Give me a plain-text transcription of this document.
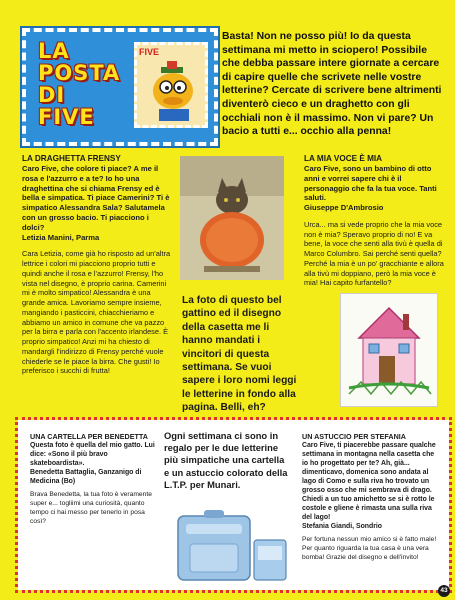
LA
POSTA
DI
FIVE
FIVE
Basta! Non ne posso più! Io da questa settimana mi metto in sciopero! Possibile che debba passare intere giornate a cercare di capire quelle che scrivete nelle vostre letterine? Cercate di scrivere bene altrimenti diventerò cieco e un draghetto con gli occhiali non è il massimo. Non vi pare? Un bacio a tutti e... occhio alla penna!
LA DRAGHETTA FRENSY
Caro Five, che colore ti piace? A me il rosa e l'azzurro e a te? Io ho una draghettina che si chiama Frensy ed è bella e simpatica. Ti piace Camerini? Ti è simpatico Alessandra Sala? Salutamela con un grosso bacio. Ti piacciono i dolci?
Letizia Manini, Parma
Cara Letizia, come già ho risposto ad un'altra lettrice i colori mi piacciono proprio tutti e quindi anche il rosa e l'azzurro! Frensy, l'ho vista nel disegno, è proprio carina. Camerini mi è molto simpatico! Alessandra è una grande amica. Lavoriamo sempre insieme, mangiando i pasticcini, chiacchieriamo e abbiamo un amico in comune che va pazzo per la birra e parla con l'accento irlandese. È proprio simpatico! Anzi mi ha chiesto di mandargli l'indirizzo di Frensy perché vuole chiederle se le piace la birra. Che gusti! Io preferisco i succhi di frutta!
La foto di questo bel gattino ed il disegno della casetta me li hanno mandati i vincitori di questa settimana. Se vuoi sapere i loro nomi leggi le letterine in fondo alla pagina. Belli, eh?
LA MIA VOCE È MIA
Caro Five, sono un bambino di otto anni e vorrei sapere chi è il personaggio che fa la tua voce. Tanti saluti.
Giuseppe D'Ambrosio
Urca... ma si vede proprio che la mia voce non è mia? Speravo proprio di no! E va bene, la voce che senti alla tivù è quella di Marco Columbro. Sai perché senti quella? Perché la mia è un po' gracchiante e allora alla tivù mi doppiano, però la mia voce è mia! Hai capito furfantello?
UNA CARTELLA PER BENEDETTA
Questa foto è quella del mio gatto. Lui dice: «Sono il più bravo skateboardista».
Benedetta Battaglia, Ganzanigo di Medicina (Bo)
Brava Benedetta, la tua foto è veramente super e... togliimi una curiosità, quanto tempo ci hai messo per tenerlo in posa così?
Ogni settimana ci sono in regalo per le due letterine più simpatiche una cartella e un astuccio colorato della L.T.P. per Munari.
UN ASTUCCIO PER STEFANIA
Caro Five, ti piacerebbe passare qualche settimana in montagna nella casetta che io ho progettato per te? Ah, già... dimenticavo, domenica sono andata al lago di Como e sulla riva ho trovato un grosso osso che mi sembrava di drago. Chiedi a un tuo amichetto se si è rotto le costole e gliene è rimasta una sulla riva del lago!
Stefania Giandi, Sondrio
Per fortuna nessun mio amico si è fatto male! Per quanto riguarda la tua casa è una vera bomba! Grazie del disegno e dell'invito!
43
